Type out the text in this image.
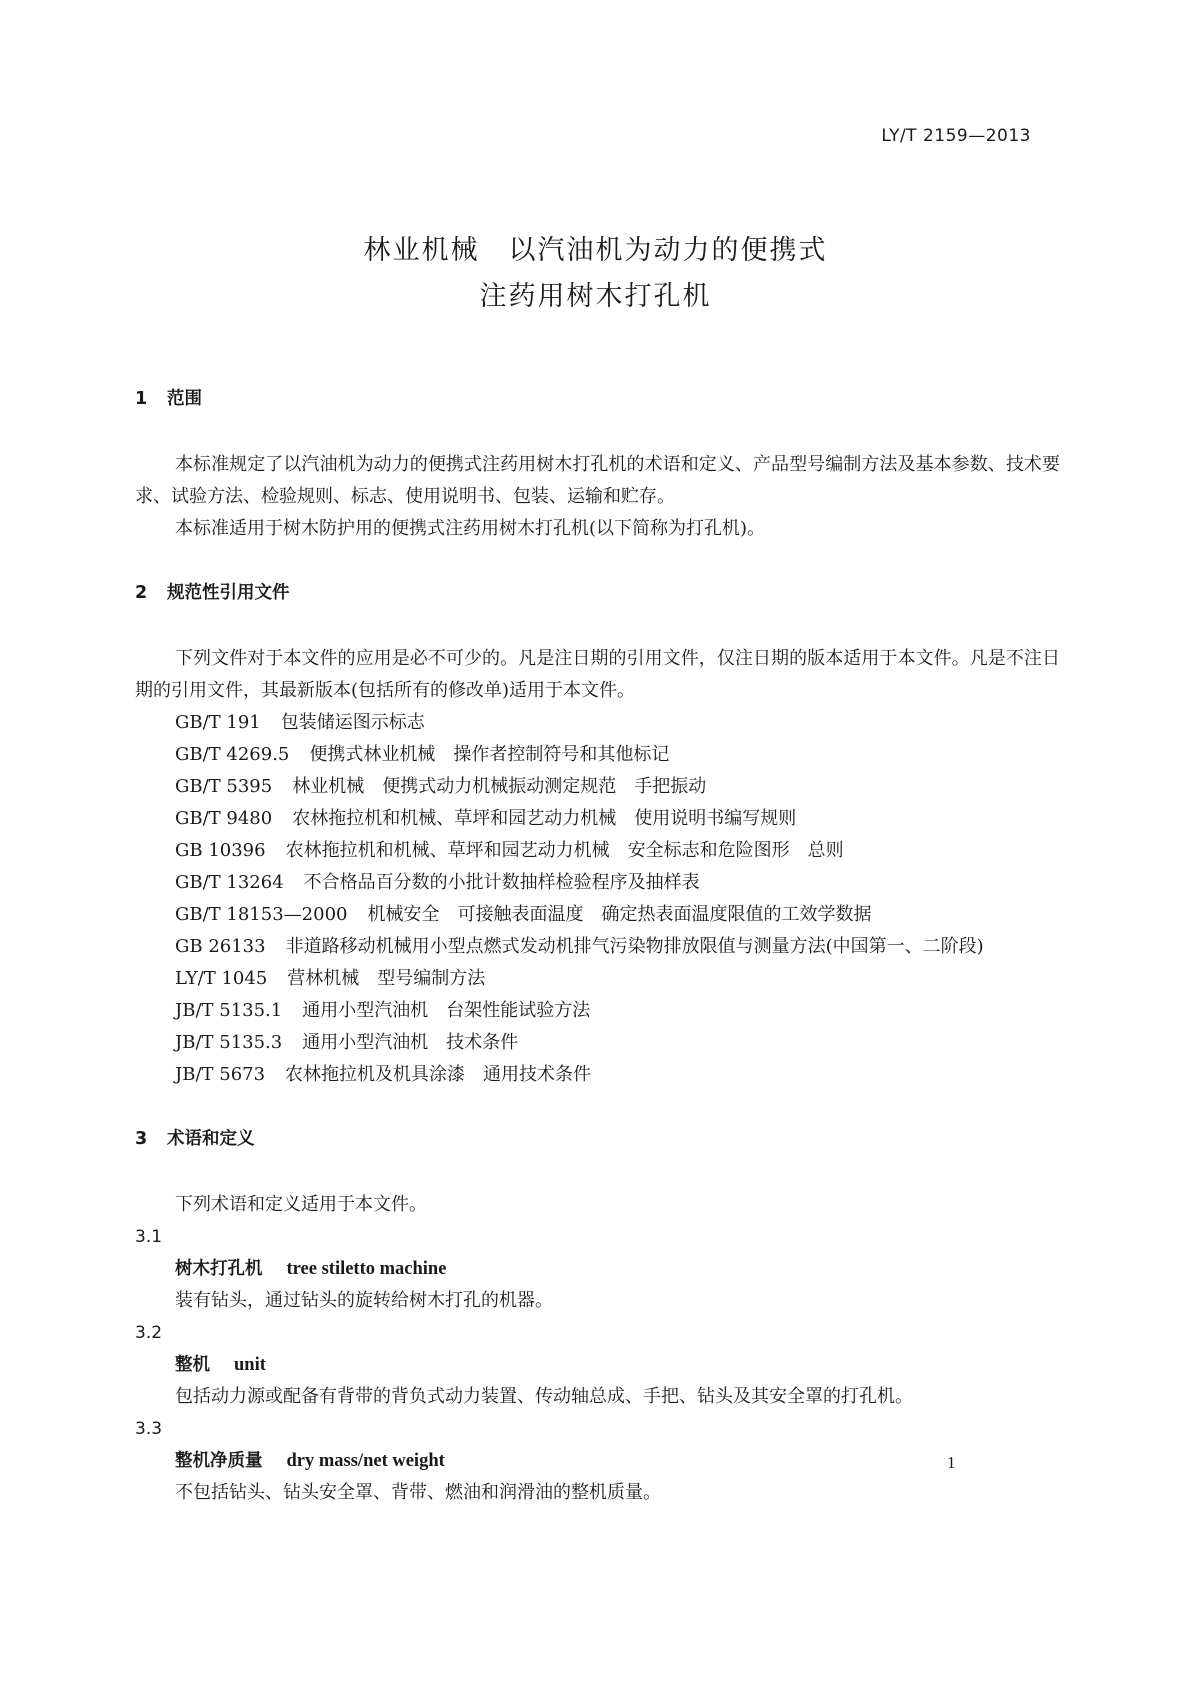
LY/T 2159—2013

林业机械　以汽油机为动力的便携式
注药用树木打孔机
1 范围

本标准规定了以汽油机为动力的便携式注药用树木打孔机的术语和定义、产品型号编制方法及基本参数、技术要求、试验方法、检验规则、标志、使用说明书、包装、运输和贮存。

本标准适用于树木防护用的便携式注药用树木打孔机(以下简称为打孔机)。

2 规范性引用文件

下列文件对于本文件的应用是必不可少的。凡是注日期的引用文件，仅注日期的版本适用于本文件。凡是不注日期的引用文件，其最新版本(包括所有的修改单)适用于本文件。

GB/T 191 包装储运图示标志

GB/T 4269.5 便携式林业机械　操作者控制符号和其他标记

GB/T 5395 林业机械　便携式动力机械振动测定规范　手把振动

GB/T 9480 农林拖拉机和机械、草坪和园艺动力机械　使用说明书编写规则

GB 10396 农林拖拉机和机械、草坪和园艺动力机械　安全标志和危险图形　总则

GB/T 13264 不合格品百分数的小批计数抽样检验程序及抽样表

GB/T 18153—2000 机械安全　可接触表面温度　确定热表面温度限值的工效学数据

GB 26133 非道路移动机械用小型点燃式发动机排气污染物排放限值与测量方法(中国第一、二阶段)

LY/T 1045 营林机械　型号编制方法

JB/T 5135.1 通用小型汽油机　台架性能试验方法

JB/T 5135.3 通用小型汽油机　技术条件

JB/T 5673 农林拖拉机及机具涂漆　通用技术条件

3 术语和定义

下列术语和定义适用于本文件。

3.1

树木打孔机 tree stiletto machine

装有钻头，通过钻头的旋转给树木打孔的机器。

3.2

整机 unit

包括动力源或配备有背带的背负式动力装置、传动轴总成、手把、钻头及其安全罩的打孔机。

3.3

整机净质量 dry mass/net weight

不包括钻头、钻头安全罩、背带、燃油和润滑油的整机质量。

1
